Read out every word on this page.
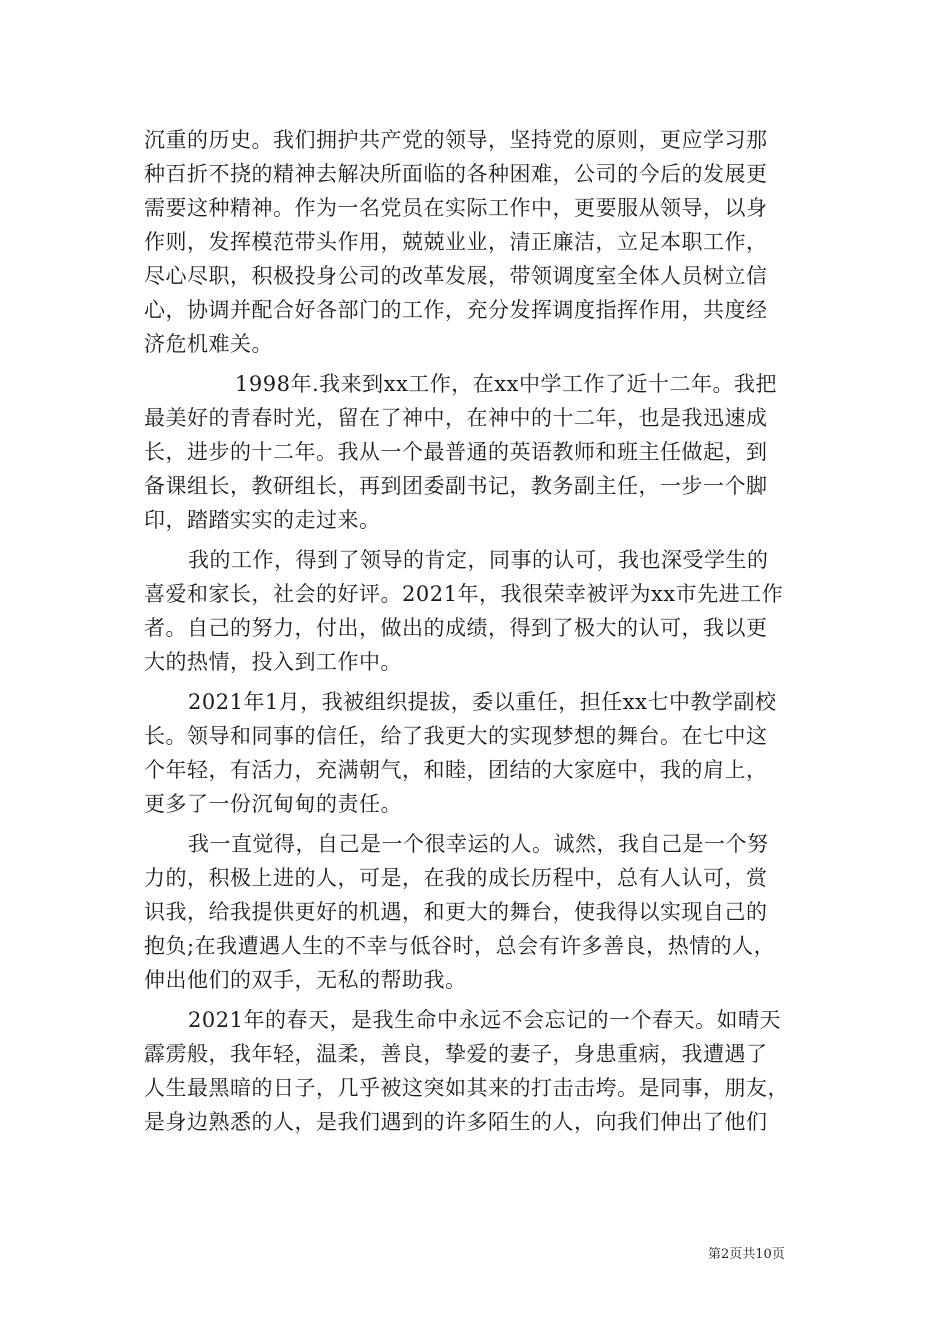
沉重的历史。我们拥护共产党的领导，坚持党的原则，更应学习那
种百折不挠的精神去解决所面临的各种困难，公司的今后的发展更
需要这种精神。作为一名党员在实际工作中，更要服从领导，以身
作则，发挥模范带头作用，兢兢业业，清正廉洁，立足本职工作，
尽心尽职，积极投身公司的改革发展，带领调度室全体人员树立信
心，协调并配合好各部门的工作，充分发挥调度指挥作用，共度经
济危机难关。
1998年.我来到xx工作，在xx中学工作了近十二年。我把
最美好的青春时光，留在了神中，在神中的十二年，也是我迅速成
长，进步的十二年。我从一个最普通的英语教师和班主任做起，到
备课组长，教研组长，再到团委副书记，教务副主任，一步一个脚
印，踏踏实实的走过来。
我的工作，得到了领导的肯定，同事的认可，我也深受学生的
喜爱和家长，社会的好评。2021年，我很荣幸被评为xx市先进工作
者。自己的努力，付出，做出的成绩，得到了极大的认可，我以更
大的热情，投入到工作中。
2021年1月，我被组织提拔，委以重任，担任xx七中教学副校
长。领导和同事的信任，给了我更大的实现梦想的舞台。在七中这
个年轻，有活力，充满朝气，和睦，团结的大家庭中，我的肩上，
更多了一份沉甸甸的责任。
我一直觉得，自己是一个很幸运的人。诚然，我自己是一个努
力的，积极上进的人，可是，在我的成长历程中，总有人认可，赏
识我，给我提供更好的机遇，和更大的舞台，使我得以实现自己的
抱负;在我遭遇人生的不幸与低谷时，总会有许多善良，热情的人，
伸出他们的双手，无私的帮助我。
2021年的春天，是我生命中永远不会忘记的一个春天。如晴天
霹雳般，我年轻，温柔，善良，挚爱的妻子，身患重病，我遭遇了
人生最黑暗的日子，几乎被这突如其来的打击击垮。是同事，朋友，
是身边熟悉的人，是我们遇到的许多陌生的人，向我们伸出了他们
第2页共10页
